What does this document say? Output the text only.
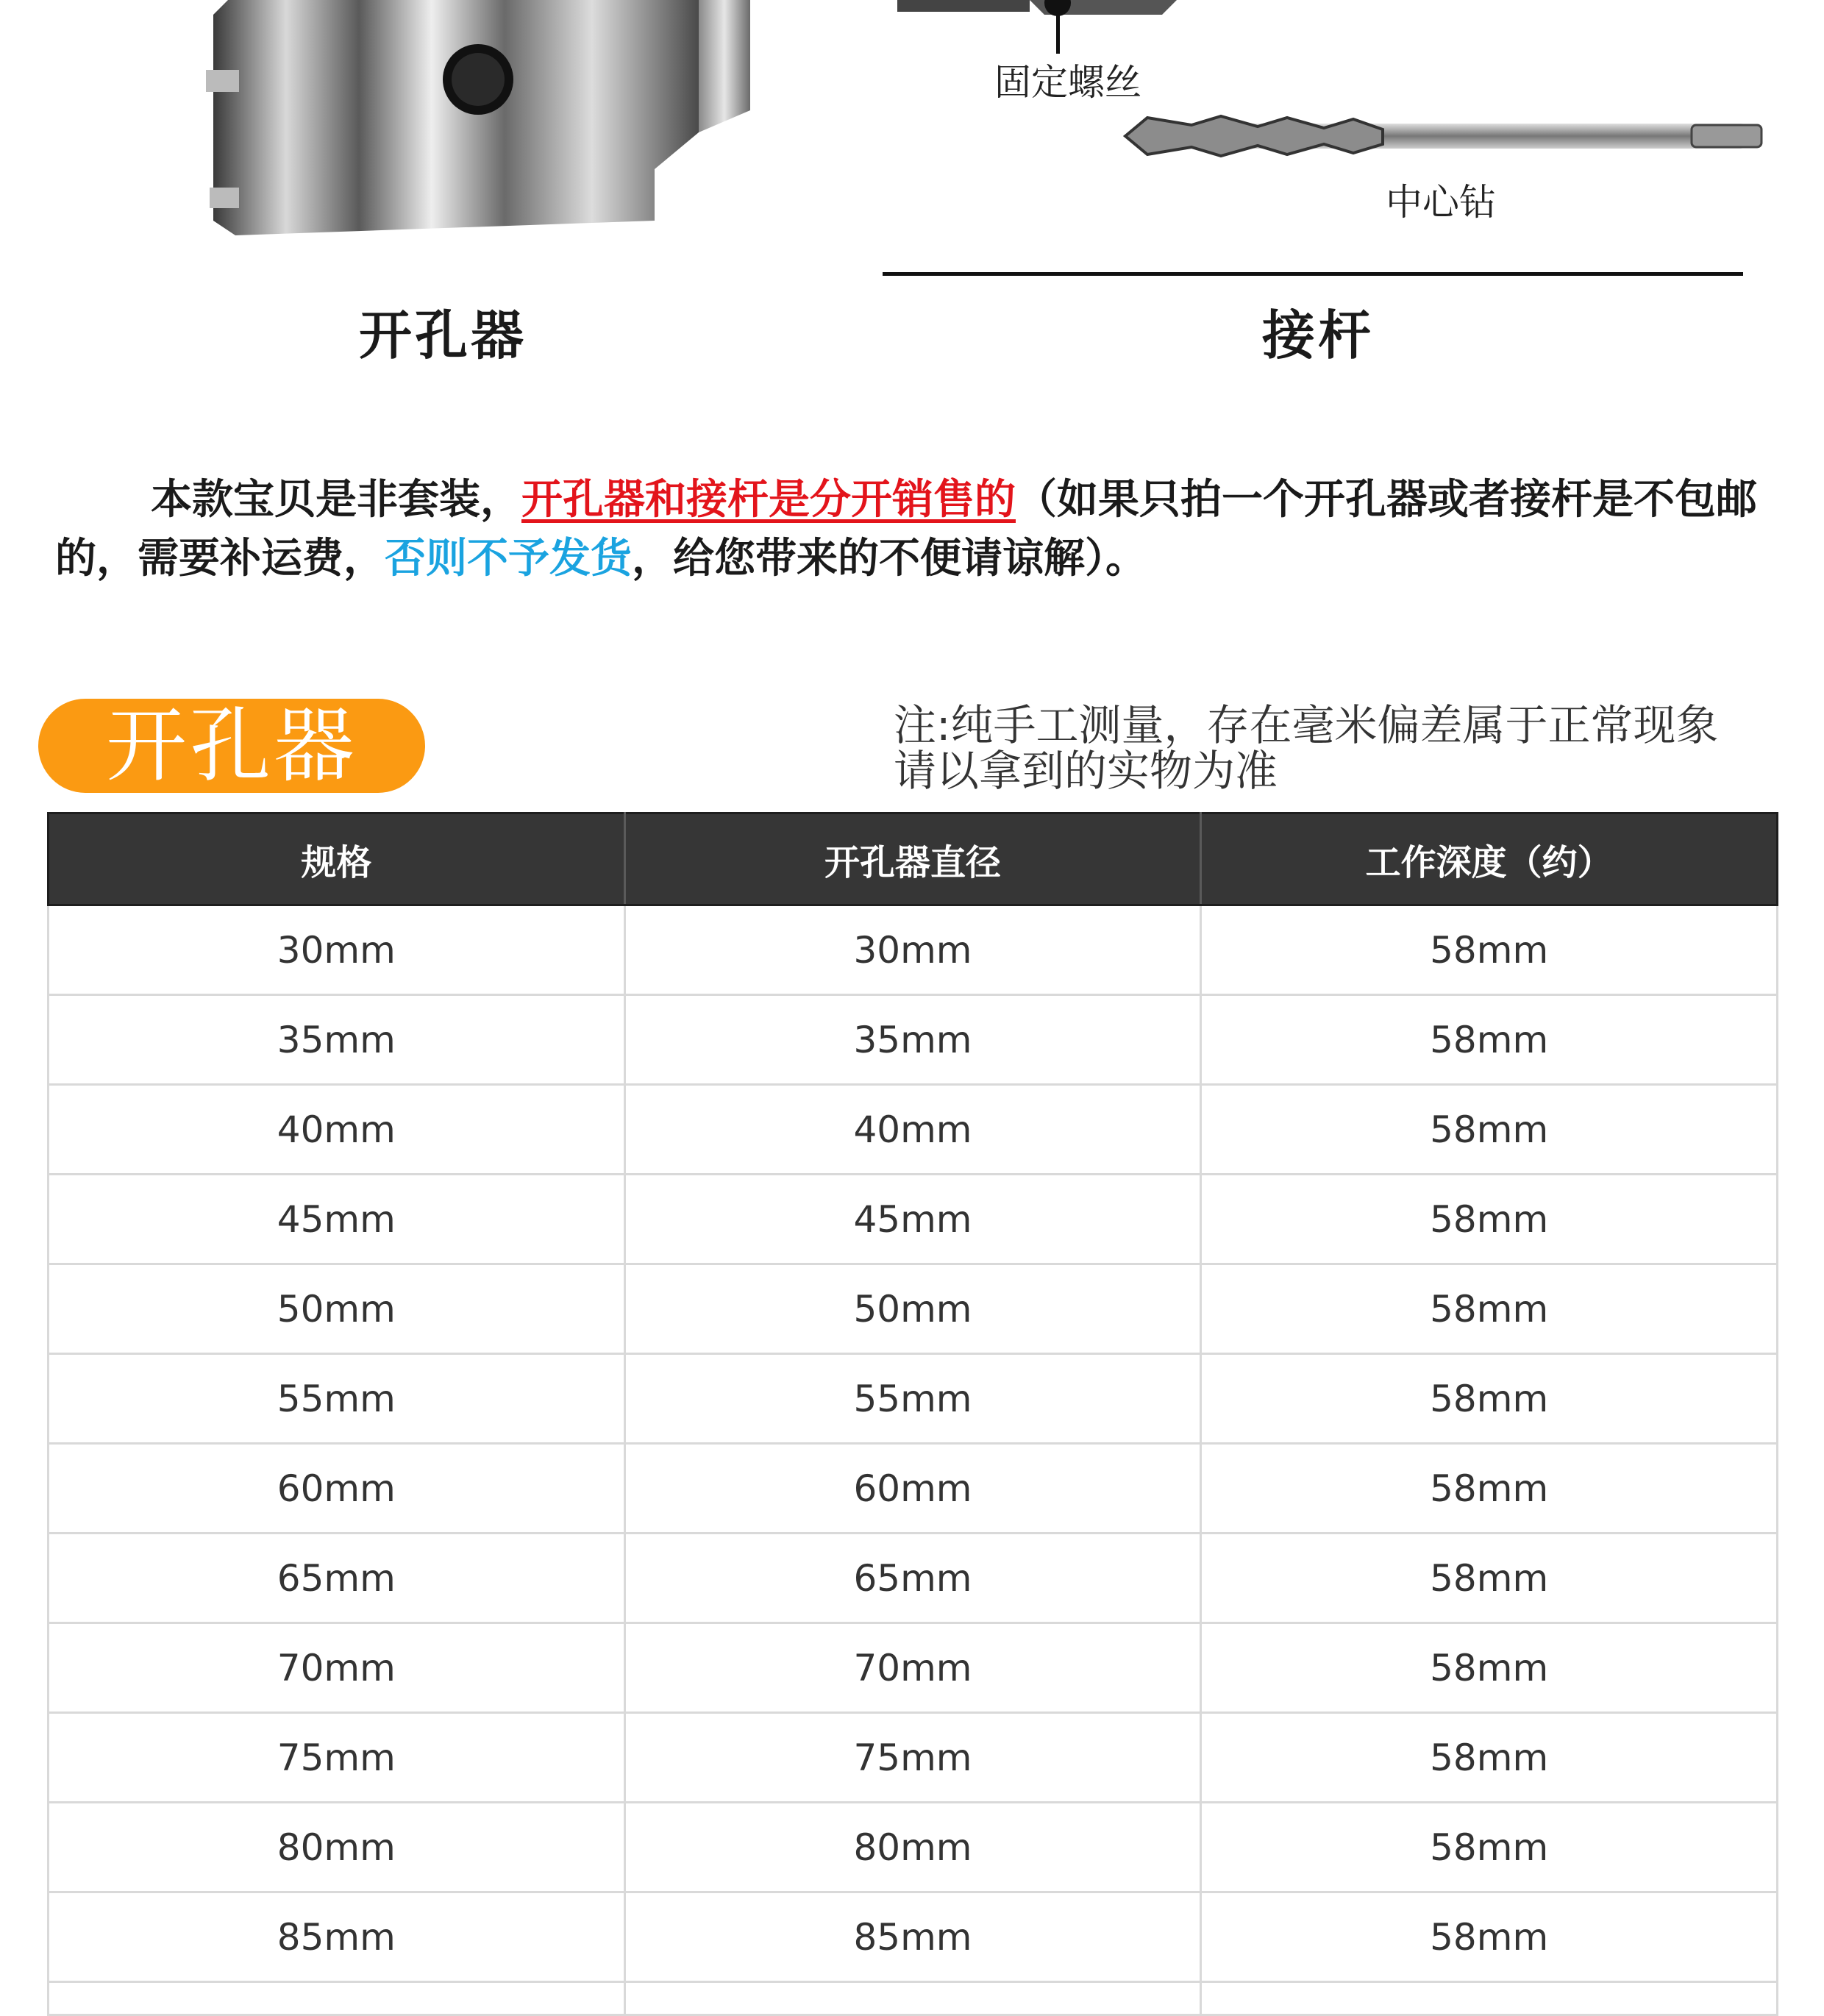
固定螺丝
中心钻
开孔器	接杆
本款宝贝是非套装，开孔器和接杆是分开销售的（如果只拍一个开孔器或者接杆是不包邮的，需要补运费，否则不予发货，给您带来的不便请谅解）。
开孔器	注:纯手工测量，存在毫米偏差属于正常现象
请以拿到的实物为准
规格	开孔器直径	工作深度（约）
30mm	30mm	58mm
35mm	35mm	58mm
40mm	40mm	58mm
45mm	45mm	58mm
50mm	50mm	58mm
55mm	55mm	58mm
60mm	60mm	58mm
65mm	65mm	58mm
70mm	70mm	58mm
75mm	75mm	58mm
80mm	80mm	58mm
85mm	85mm	58mm
